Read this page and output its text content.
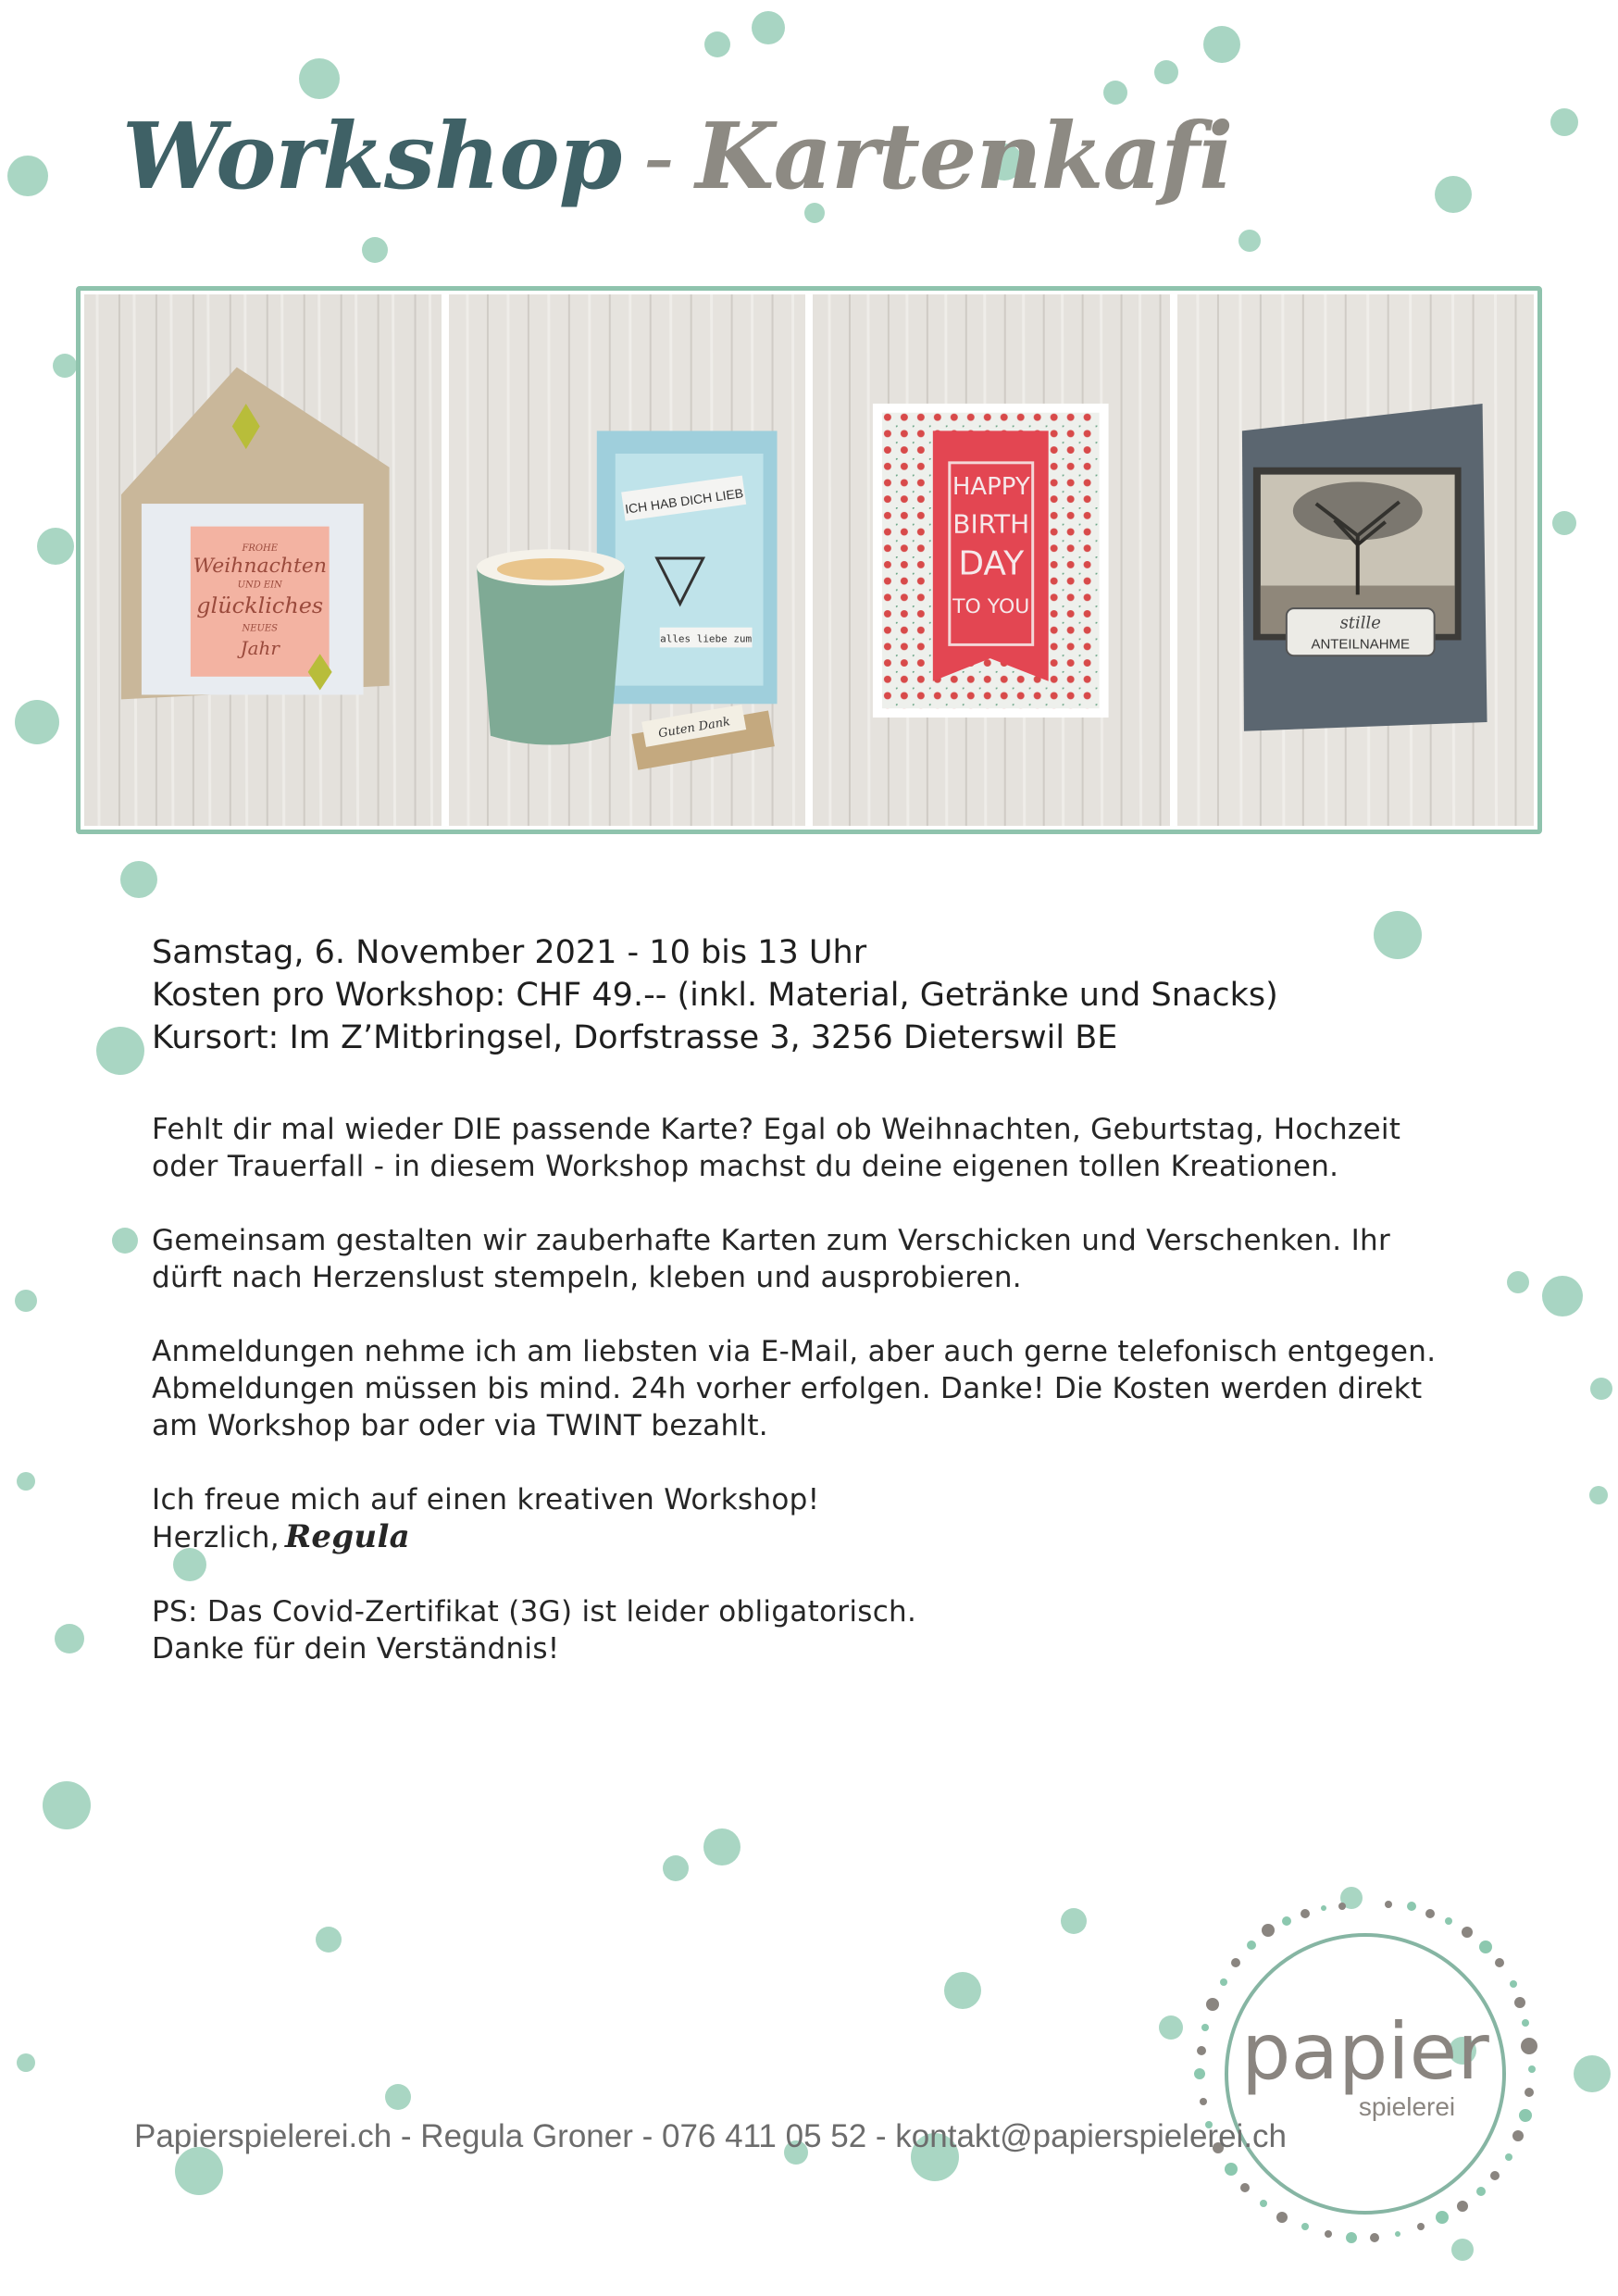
Workshop - Kartenkafi
FROHE
Weihnachten
UND EIN
glückliches
NEUES
Jahr
ICH HAB DICH LIEB
alles liebe zum
Guten Dank
HAPPY
BIRTH
DAY
TO YOU
stille
ANTEILNAHME

Samstag, 6. November 2021 - 10 bis 13 Uhr

Kosten pro Workshop: CHF 49.-- (inkl. Material, Getränke und Snacks)

Kursort: Im Z’Mitbringsel, Dorfstrasse 3, 3256 Dieterswil BE

Fehlt dir mal wieder DIE passende Karte? Egal ob Weihnachten, Geburtstag, Hochzeit
oder Trauerfall - in diesem Workshop machst du deine eigenen tollen Kreationen.

Gemeinsam gestalten wir zauberhafte Karten zum Verschicken und Verschenken. Ihr
dürft nach Herzenslust stempeln, kleben und ausprobieren.

Anmeldungen nehme ich am liebsten via E-Mail, aber auch gerne telefonisch entgegen.
Abmeldungen müssen bis mind. 24h vorher erfolgen. Danke! Die Kosten werden direkt
am Workshop bar oder via TWINT bezahlt.

Ich freue mich auf einen kreativen Workshop!
Herzlich, Regula

PS: Das Covid-Zertifikat (3G) ist leider obligatorisch.
Danke für dein Verständnis!

papier
spielerei
Papierspielerei.ch - Regula Groner - 076 411 05 52 - kontakt@papierspielerei.ch
